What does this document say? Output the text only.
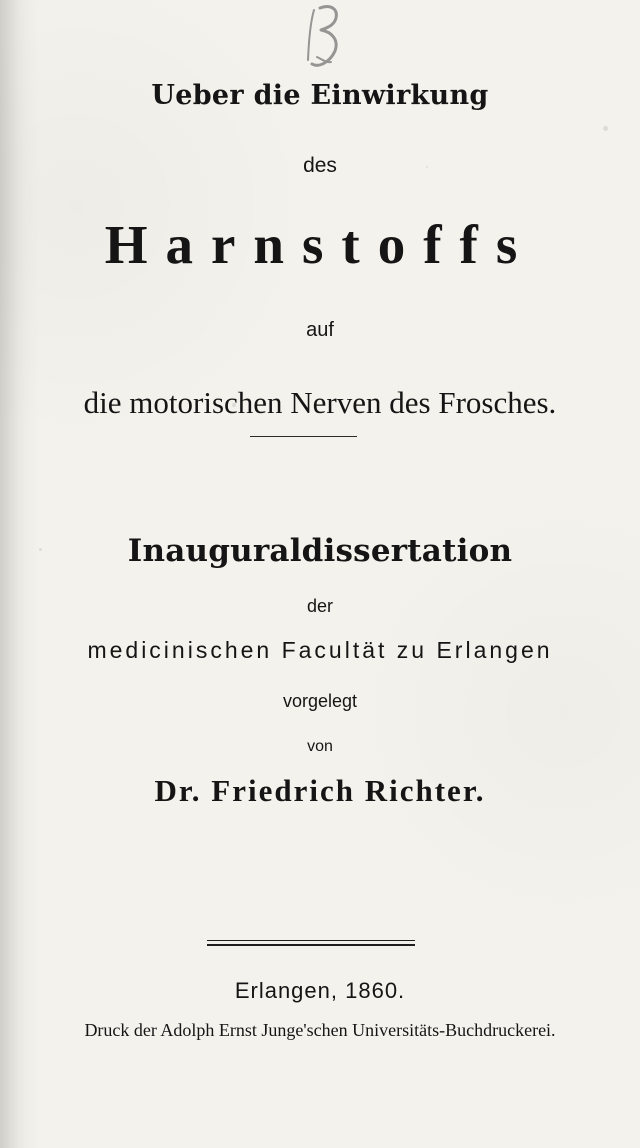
Ueber die Einwirkung
des
Harnstoffs
auf
die motorischen Nerven des Frosches.
Inauguraldissertation
der
medicinischen Facultät zu Erlangen
vorgelegt
von
Dr. Friedrich Richter.
Erlangen, 1860.
Druck der Adolph Ernst Junge'schen Universitäts-Buchdruckerei.
